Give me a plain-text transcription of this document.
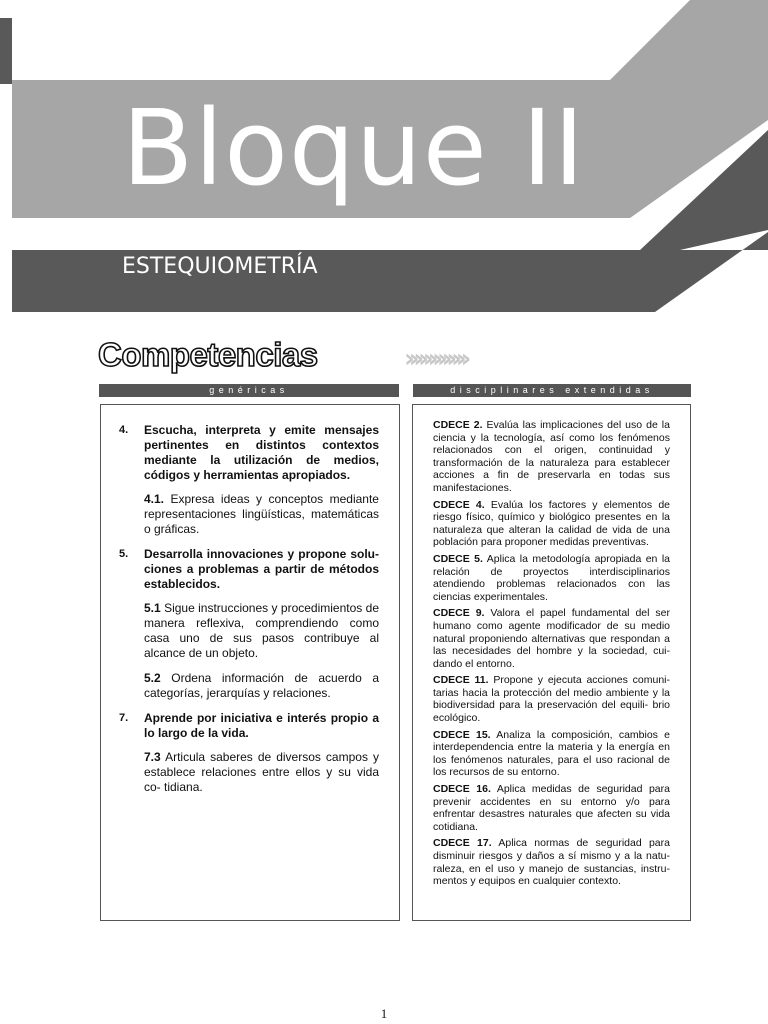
Bloque II
ESTEQUIOMETRÍA
Competencias	›››››››››››››
genéricas	disciplinares extendidas
4.	Escucha, interpreta y emite mensajes pertinentes en distintos contextos mediante la utilización de medios, códigos y herramientas apropiados.
4.1. Expresa ideas y conceptos mediante representaciones lingüísticas, matemáticas o gráficas.
5.	Desarrolla innovaciones y propone solu- ciones a problemas a partir de métodos establecidos.
5.1 Sigue instrucciones y procedimientos de manera reflexiva, comprendiendo como casa uno de sus pasos contribuye al alcance de un objeto.
5.2 Ordena información de acuerdo a categorías, jerarquías y relaciones.
7.	Aprende por iniciativa e interés propio a lo largo de la vida.
7.3 Articula saberes de diversos campos y establece relaciones entre ellos y su vida co- tidiana.

CDECE 2. Evalúa las implicaciones del uso de la ciencia y la tecnología, así como los fenómenos relacionados con el origen, continuidad y transformación de la naturaleza para establecer acciones a fin de preservarla en todas sus manifestaciones.

CDECE 4. Evalúa los factores y elementos de riesgo físico, químico y biológico presentes en la naturaleza que alteran la calidad de vida de una población para proponer medidas preventivas.

CDECE 5. Aplica la metodología apropiada en la relación de proyectos interdisciplinarios atendiendo problemas relacionados con las ciencias experimentales.

CDECE 9. Valora el papel fundamental del ser humano como agente modificador de su medio natural proponiendo alternativas que respondan a las necesidades del hombre y la sociedad, cui- dando el entorno.

CDECE 11. Propone y ejecuta acciones comuni- tarias hacia la protección del medio ambiente y la biodiversidad para la preservación del equili- brio ecológico.

CDECE 15. Analiza la composición, cambios e interdependencia entre la materia y la energía en los fenómenos naturales, para el uso racional de los recursos de su entorno.

CDECE 16. Aplica medidas de seguridad para prevenir accidentes en su entorno y/o para enfrentar desastres naturales que afecten su vida cotidiana.

CDECE 17. Aplica normas de seguridad para disminuir riesgos y daños a sí mismo y a la natu- raleza, en el uso y manejo de sustancias, instru- mentos y equipos en cualquier contexto.

1
